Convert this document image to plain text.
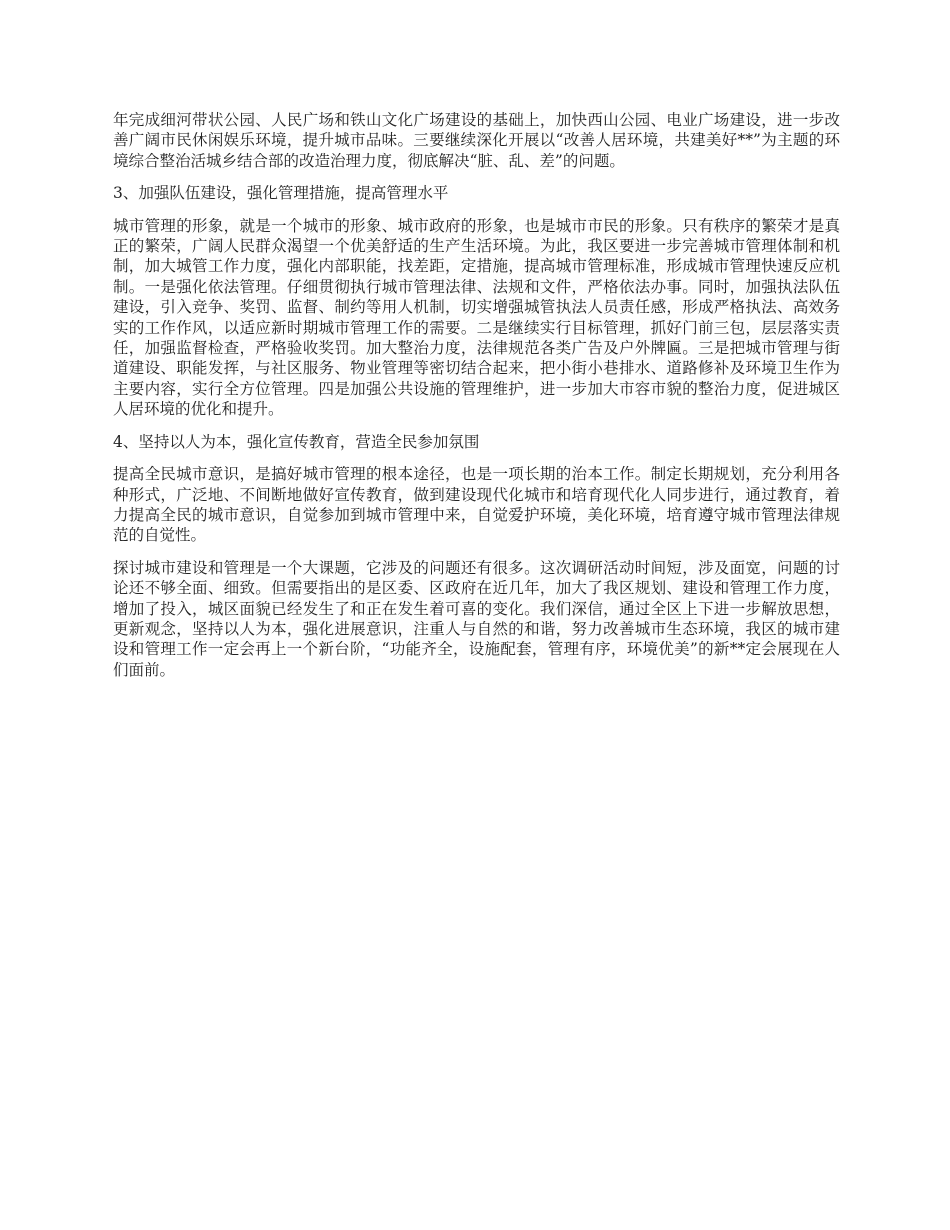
年完成细河带状公园、人民广场和铁山文化广场建设的基础上，加快西山公园、电业广场建设，进一步改善广阔市民休闲娱乐环境，提升城市品味。三要继续深化开展以“改善人居环境，共建美好**”为主题的环境综合整治活城乡结合部的改造治理力度，彻底解决“脏、乱、差”的问题。

3、加强队伍建设，强化管理措施，提高管理水平

城市管理的形象，就是一个城市的形象、城市政府的形象，也是城市市民的形象。只有秩序的繁荣才是真正的繁荣，广阔人民群众渴望一个优美舒适的生产生活环境。为此，我区要进一步完善城市管理体制和机制，加大城管工作力度，强化内部职能，找差距，定措施，提高城市管理标准，形成城市管理快速反应机制。一是强化依法管理。仔细贯彻执行城市管理法律、法规和文件，严格依法办事。同时，加强执法队伍建设，引入竞争、奖罚、监督、制约等用人机制，切实增强城管执法人员责任感，形成严格执法、高效务实的工作作风，以适应新时期城市管理工作的需要。二是继续实行目标管理，抓好门前三包，层层落实责任，加强监督检查，严格验收奖罚。加大整治力度，法律规范各类广告及户外牌匾。三是把城市管理与街道建设、职能发挥，与社区服务、物业管理等密切结合起来，把小街小巷排水、道路修补及环境卫生作为主要内容，实行全方位管理。四是加强公共设施的管理维护，进一步加大市容市貌的整治力度，促进城区人居环境的优化和提升。

4、坚持以人为本，强化宣传教育，营造全民参加氛围

提高全民城市意识，是搞好城市管理的根本途径，也是一项长期的治本工作。制定长期规划，充分利用各种形式，广泛地、不间断地做好宣传教育，做到建设现代化城市和培育现代化人同步进行，通过教育，着力提高全民的城市意识，自觉参加到城市管理中来，自觉爱护环境，美化环境，培育遵守城市管理法律规范的自觉性。

探讨城市建设和管理是一个大课题，它涉及的问题还有很多。这次调研活动时间短，涉及面宽，问题的讨论还不够全面、细致。但需要指出的是区委、区政府在近几年，加大了我区规划、建设和管理工作力度，增加了投入，城区面貌已经发生了和正在发生着可喜的变化。我们深信，通过全区上下进一步解放思想，更新观念，坚持以人为本，强化进展意识，注重人与自然的和谐，努力改善城市生态环境，我区的城市建设和管理工作一定会再上一个新台阶，“功能齐全，设施配套，管理有序，环境优美”的新**定会展现在人们面前。
